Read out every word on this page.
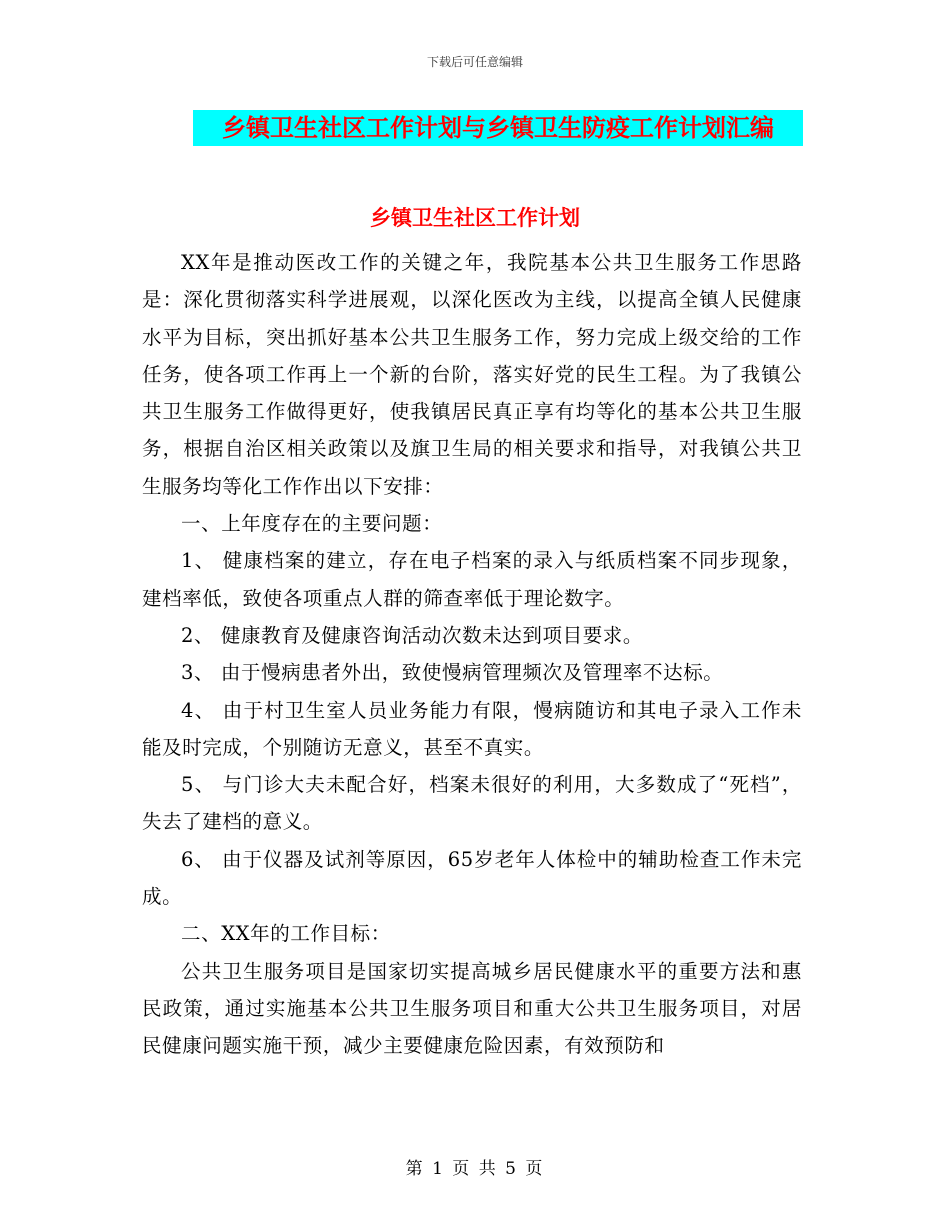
下载后可任意编辑
乡镇卫生社区工作计划与乡镇卫生防疫工作计划汇编
乡镇卫生社区工作计划

XX年是推动医改工作的关键之年，我院基本公共卫生服务工作思路是：深化贯彻落实科学进展观，以深化医改为主线，以提高全镇人民健康水平为目标，突出抓好基本公共卫生服务工作，努力完成上级交给的工作任务，使各项工作再上一个新的台阶，落实好党的民生工程。为了我镇公共卫生服务工作做得更好，使我镇居民真正享有均等化的基本公共卫生服务，根据自治区相关政策以及旗卫生局的相关要求和指导，对我镇公共卫生服务均等化工作作出以下安排：

一、上年度存在的主要问题：

1、 健康档案的建立，存在电子档案的录入与纸质档案不同步现象，建档率低，致使各项重点人群的筛查率低于理论数字。

2、 健康教育及健康咨询活动次数未达到项目要求。

3、 由于慢病患者外出，致使慢病管理频次及管理率不达标。

4、 由于村卫生室人员业务能力有限，慢病随访和其电子录入工作未能及时完成，个别随访无意义，甚至不真实。

5、 与门诊大夫未配合好，档案未很好的利用，大多数成了“死档”，失去了建档的意义。

6、 由于仪器及试剂等原因，65岁老年人体检中的辅助检查工作未完成。

二、XX年的工作目标：

公共卫生服务项目是国家切实提高城乡居民健康水平的重要方法和惠民政策，通过实施基本公共卫生服务项目和重大公共卫生服务项目，对居民健康问题实施干预，减少主要健康危险因素，有效预防和

第 1 页 共 5 页
